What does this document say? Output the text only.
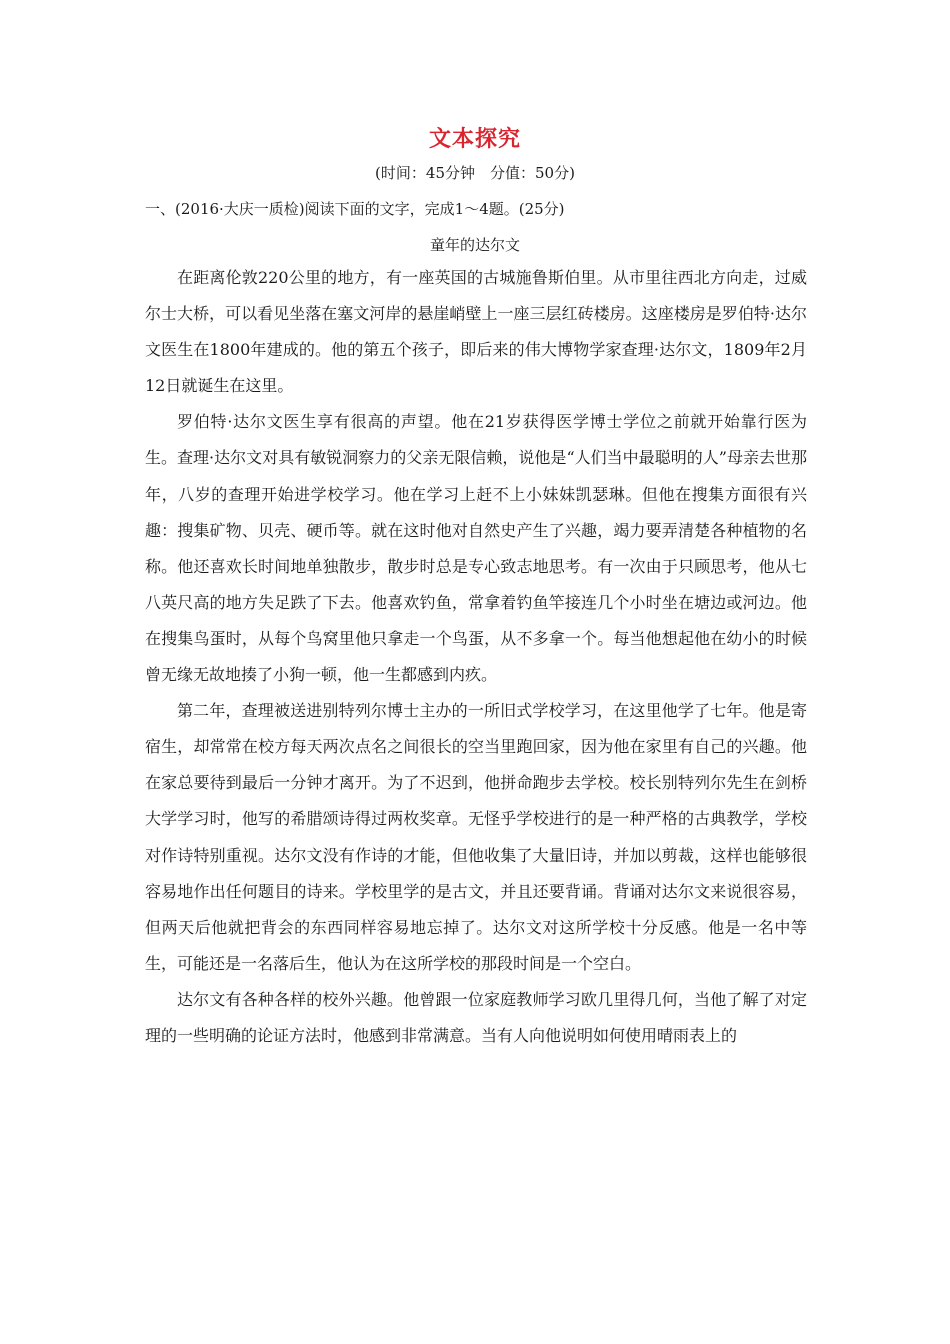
文本探究

(时间：45分钟　分值：50分)

一、(2016·大庆一质检)阅读下面的文字，完成1～4题。(25分)

童年的达尔文

在距离伦敦220公里的地方，有一座英国的古城施鲁斯伯里。从市里往西北方向走，过威尔士大桥，可以看见坐落在塞文河岸的悬崖峭壁上一座三层红砖楼房。这座楼房是罗伯特·达尔文医生在1800年建成的。他的第五个孩子，即后来的伟大博物学家查理·达尔文，1809年2月12日就诞生在这里。

罗伯特·达尔文医生享有很高的声望。他在21岁获得医学博士学位之前就开始靠行医为生。查理·达尔文对具有敏锐洞察力的父亲无限信赖，说他是“人们当中最聪明的人”母亲去世那年，八岁的查理开始进学校学习。他在学习上赶不上小妹妹凯瑟琳。但他在搜集方面很有兴趣：搜集矿物、贝壳、硬币等。就在这时他对自然史产生了兴趣，竭力要弄清楚各种植物的名称。他还喜欢长时间地单独散步，散步时总是专心致志地思考。有一次由于只顾思考，他从七八英尺高的地方失足跌了下去。他喜欢钓鱼，常拿着钓鱼竿接连几个小时坐在塘边或河边。他在搜集鸟蛋时，从每个鸟窝里他只拿走一个鸟蛋，从不多拿一个。每当他想起他在幼小的时候曾无缘无故地揍了小狗一顿，他一生都感到内疚。

第二年，查理被送进别特列尔博士主办的一所旧式学校学习，在这里他学了七年。他是寄宿生，却常常在校方每天两次点名之间很长的空当里跑回家，因为他在家里有自己的兴趣。他在家总要待到最后一分钟才离开。为了不迟到，他拼命跑步去学校。校长别特列尔先生在剑桥大学学习时，他写的希腊颂诗得过两枚奖章。无怪乎学校进行的是一种严格的古典教学，学校对作诗特别重视。达尔文没有作诗的才能，但他收集了大量旧诗，并加以剪裁，这样也能够很容易地作出任何题目的诗来。学校里学的是古文，并且还要背诵。背诵对达尔文来说很容易，但两天后他就把背会的东西同样容易地忘掉了。达尔文对这所学校十分反感。他是一名中等生，可能还是一名落后生，他认为在这所学校的那段时间是一个空白。

达尔文有各种各样的校外兴趣。他曾跟一位家庭教师学习欧几里得几何，当他了解了对定理的一些明确的论证方法时，他感到非常满意。当有人向他说明如何使用晴雨表上的
